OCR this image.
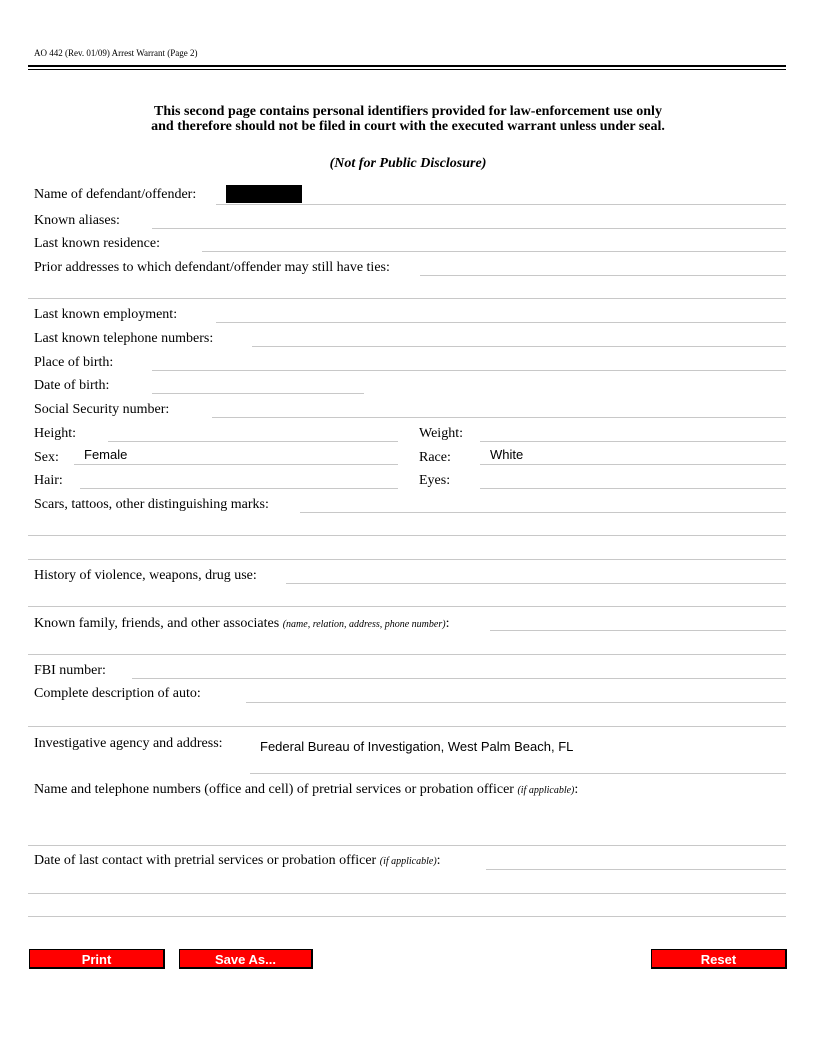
AO 442 (Rev. 01/09) Arrest Warrant (Page 2)
This second page contains personal identifiers provided for law-enforcement use only
and therefore should not be filed in court with the executed warrant unless under seal.
(Not for Public Disclosure)
Name of defendant/offender:
Known aliases:
Last known residence:
Prior addresses to which defendant/offender may still have ties:
Last known employment:
Last known telephone numbers:
Place of birth:
Date of birth:
Social Security number:
Height:	Weight:
Sex: Female	Race:	White
Hair:	Eyes:
Scars, tattoos, other distinguishing marks:
History of violence, weapons, drug use:
Known family, friends, and other associates (name, relation, address, phone number):
FBI number:
Complete description of auto:
Investigative agency and address:	Federal Bureau of Investigation, West Palm Beach, FL
Name and telephone numbers (office and cell) of pretrial services or probation officer (if applicable):
Date of last contact with pretrial services or probation officer (if applicable):
Print	Save As...	Reset
